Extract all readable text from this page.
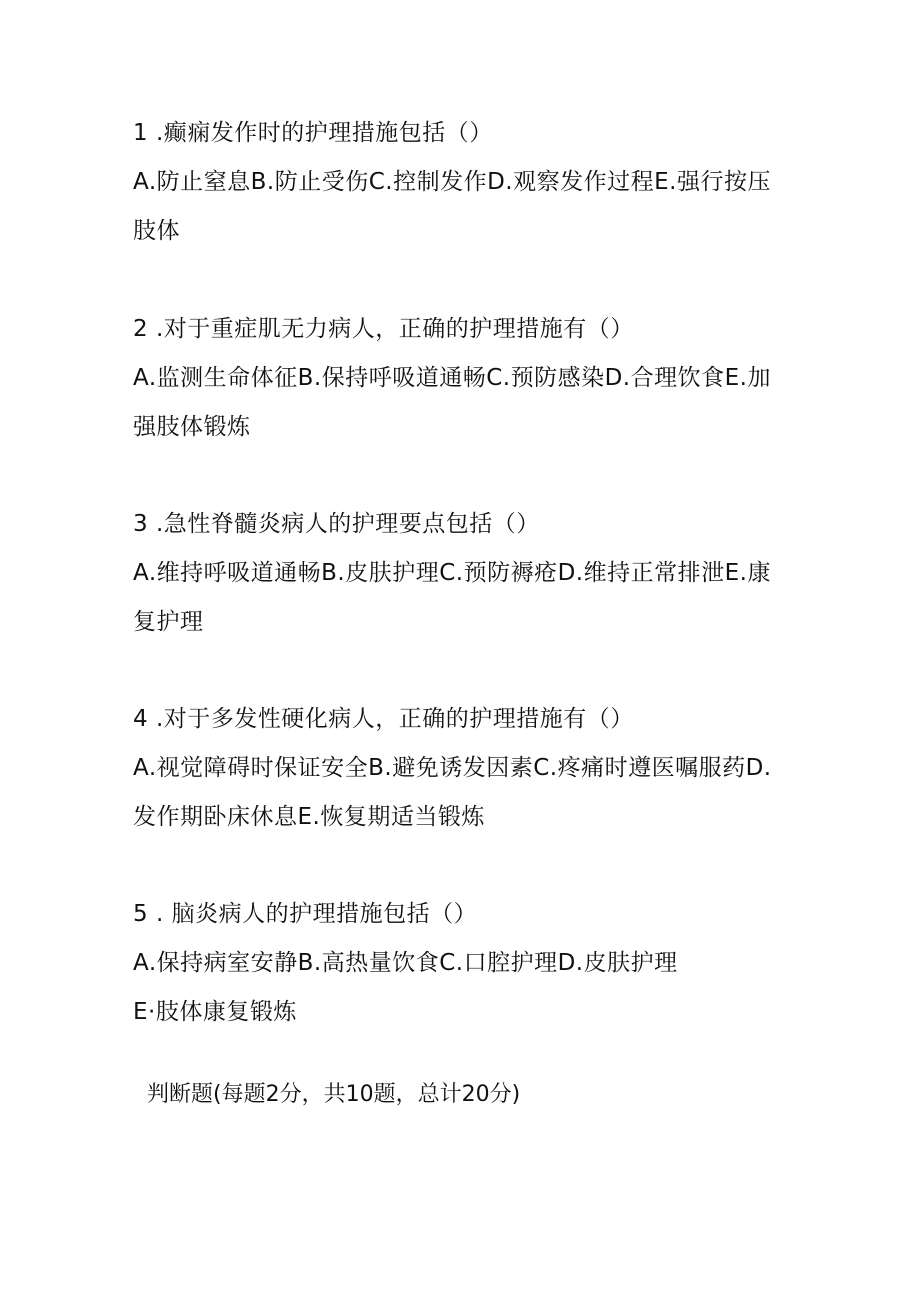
1 .癫痫发作时的护理措施包括（）
A.防止窒息B.防止受伤C.控制发作D.观察发作过程E.强行按压肢体
2 .对于重症肌无力病人，正确的护理措施有（）
A.监测生命体征B.保持呼吸道通畅C.预防感染D.合理饮食E.加强肢体锻炼
3 .急性脊髓炎病人的护理要点包括（）
A.维持呼吸道通畅B.皮肤护理C.预防褥疮D.维持正常排泄E.康复护理
4 .对于多发性硬化病人，正确的护理措施有（）
A.视觉障碍时保证安全B.避免诱发因素C.疼痛时遵医嘱服药D.发作期卧床休息E.恢复期适当锻炼
5 . 脑炎病人的护理措施包括（）
A.保持病室安静B.高热量饮食C.口腔护理D.皮肤护理
E·肢体康复锻炼
判断题(每题2分，共10题，总计20分)
